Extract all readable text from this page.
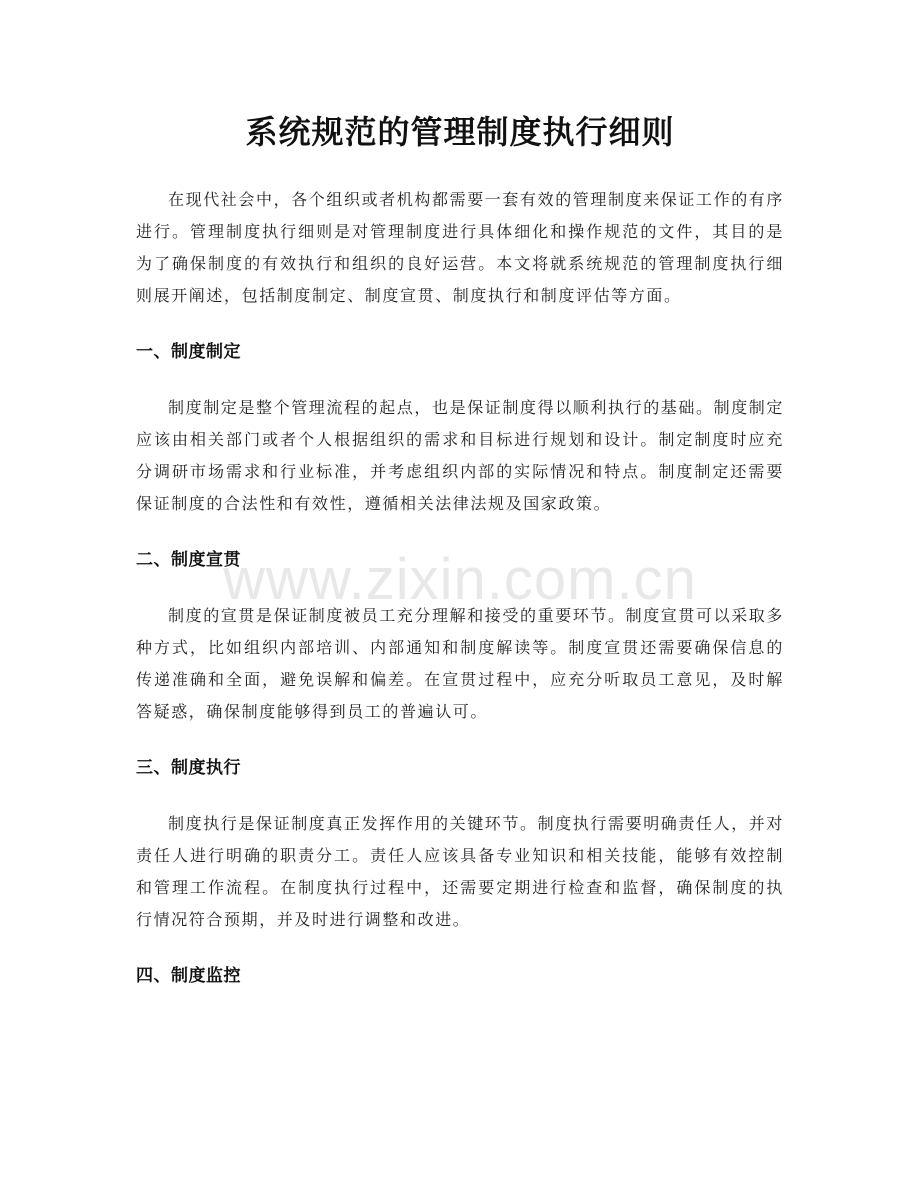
系统规范的管理制度执行细则

在现代社会中，各个组织或者机构都需要一套有效的管理制度来保证工作的有序进行。管理制度执行细则是对管理制度进行具体细化和操作规范的文件，其目的是为了确保制度的有效执行和组织的良好运营。本文将就系统规范的管理制度执行细则展开阐述，包括制度制定、制度宣贯、制度执行和制度评估等方面。

一、制度制定

制度制定是整个管理流程的起点，也是保证制度得以顺利执行的基础。制度制定应该由相关部门或者个人根据组织的需求和目标进行规划和设计。制定制度时应充分调研市场需求和行业标准，并考虑组织内部的实际情况和特点。制度制定还需要保证制度的合法性和有效性，遵循相关法律法规及国家政策。

二、制度宣贯

制度的宣贯是保证制度被员工充分理解和接受的重要环节。制度宣贯可以采取多种方式，比如组织内部培训、内部通知和制度解读等。制度宣贯还需要确保信息的传递准确和全面，避免误解和偏差。在宣贯过程中，应充分听取员工意见，及时解答疑惑，确保制度能够得到员工的普遍认可。

三、制度执行

制度执行是保证制度真正发挥作用的关键环节。制度执行需要明确责任人，并对责任人进行明确的职责分工。责任人应该具备专业知识和相关技能，能够有效控制和管理工作流程。在制度执行过程中，还需要定期进行检查和监督，确保制度的执行情况符合预期，并及时进行调整和改进。

四、制度监控

www.zixin.com.cn
